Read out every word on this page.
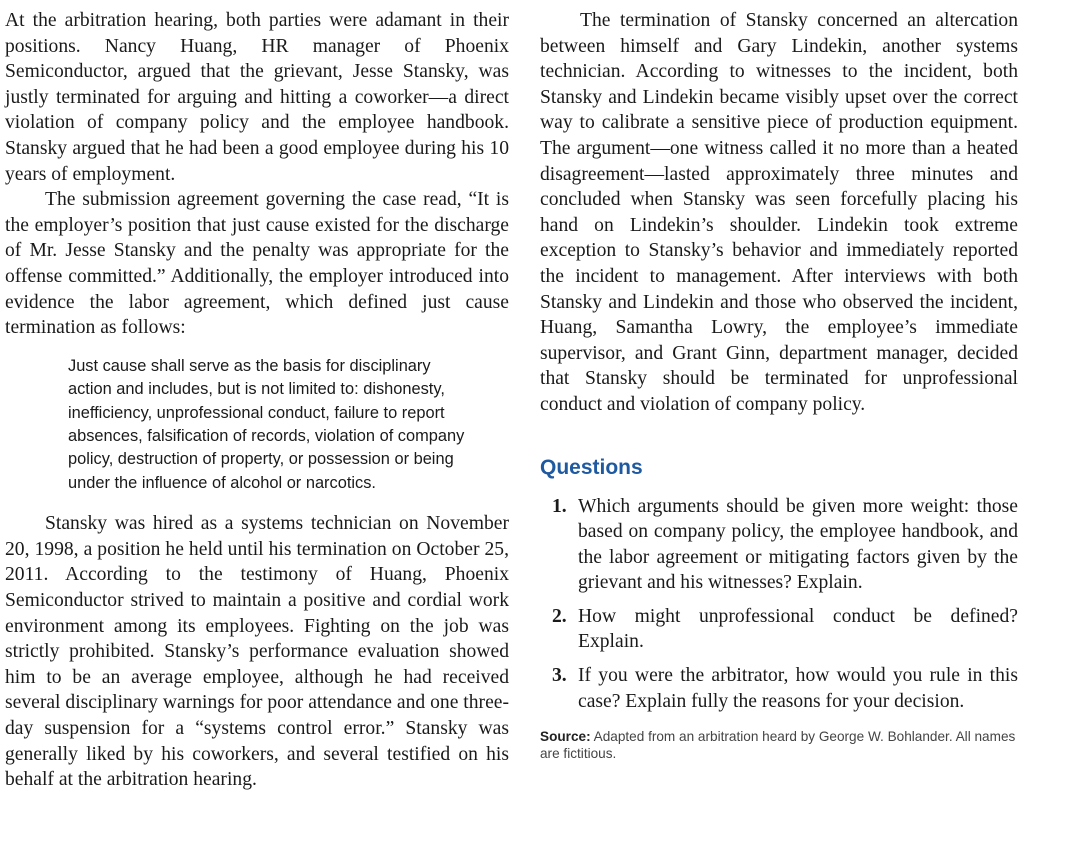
At the arbitration hearing, both parties were adamant in their positions. Nancy Huang, HR manager of Phoenix Semiconductor, argued that the grievant, Jesse Stansky, was justly terminated for arguing and hitting a coworker—a direct violation of company policy and the employee handbook. Stansky argued that he had been a good employee during his 10 years of employment.

The submission agreement governing the case read, “It is the employer’s position that just cause existed for the discharge of Mr. Jesse Stansky and the penalty was appropriate for the offense committed.” Additionally, the employer introduced into evidence the labor agreement, which defined just cause termination as follows:

Just cause shall serve as the basis for disciplinary action and includes, but is not limited to: dishonesty, inefficiency, unprofessional conduct, failure to report absences, falsification of records, violation of company policy, destruction of property, or possession or being under the influence of alcohol or narcotics.

Stansky was hired as a systems technician on November 20, 1998, a position he held until his termination on October 25, 2011. According to the testimony of Huang, Phoenix Semiconductor strived to maintain a positive and cordial work environment among its employees. Fighting on the job was strictly prohibited. Stansky’s performance evaluation showed him to be an average employee, although he had received several disciplinary warnings for poor attendance and one three-day suspension for a “systems control error.” Stansky was generally liked by his coworkers, and several testified on his behalf at the arbitration hearing.

The termination of Stansky concerned an altercation between himself and Gary Lindekin, another systems technician. According to witnesses to the incident, both Stansky and Lindekin became visibly upset over the correct way to calibrate a sensitive piece of production equipment. The argument—one witness called it no more than a heated disagreement—lasted approximately three minutes and concluded when Stansky was seen forcefully placing his hand on Lindekin’s shoulder. Lindekin took extreme exception to Stansky’s behavior and immediately reported the incident to management. After interviews with both Stansky and Lindekin and those who observed the incident, Huang, Samantha Lowry, the employee’s immediate supervisor, and Grant Ginn, department manager, decided that Stansky should be terminated for unprofessional conduct and violation of company policy.

Questions
1. Which arguments should be given more weight: those based on company policy, the employee handbook, and the labor agreement or mitigating factors given by the grievant and his witnesses? Explain.
2. How might unprofessional conduct be defined? Explain.
3. If you were the arbitrator, how would you rule in this case? Explain fully the reasons for your decision.
Source: Adapted from an arbitration heard by George W. Bohlander. All names are fictitious.
